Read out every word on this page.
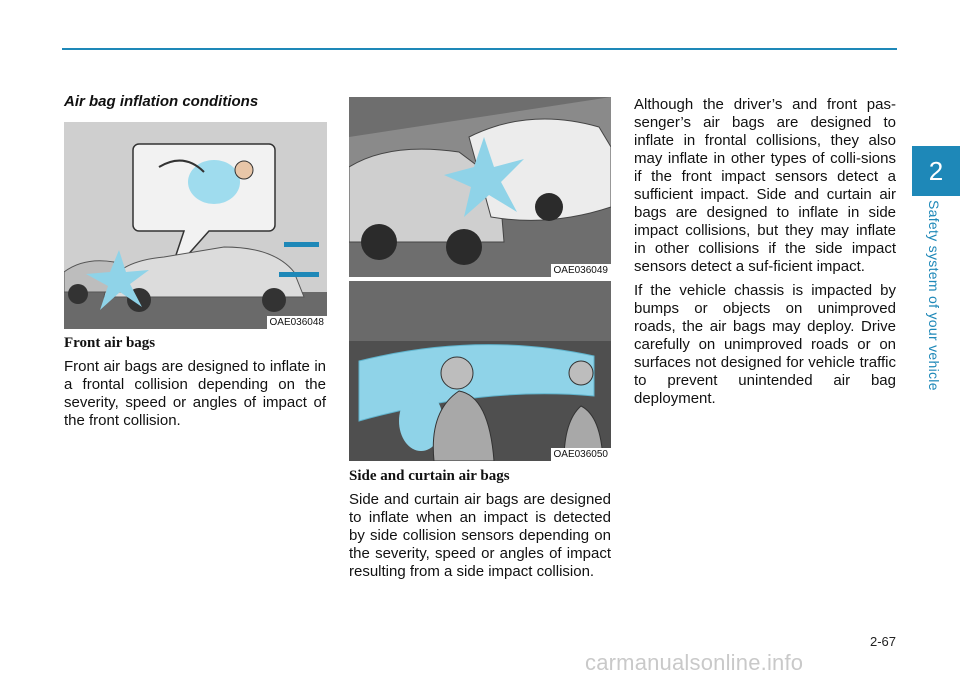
Air bag inflation conditions
OAE036048
Front air bags
Front air bags are designed to inflate in a frontal collision depending on the severity, speed or angles of impact of the front collision.
OAE036049
OAE036050
Side and curtain air bags
Side and curtain air bags are designed to inflate when an impact is detected by side collision sensors depending on the severity, speed or angles of impact resulting from a side impact collision.

Although the driver’s and front pas-senger’s air bags are designed to inflate in frontal collisions, they also may inflate in other types of colli-sions if the front impact sensors detect a sufficient impact. Side and curtain air bags are designed to inflate in side impact collisions, but they may inflate in other collisions if the side impact sensors detect a suf-ficient impact.

If the vehicle chassis is impacted by bumps or objects on unimproved roads, the air bags may deploy. Drive carefully on unimproved roads or on surfaces not designed for vehicle traffic to prevent unintended air bag deployment.

2
Safety system of your vehicle
2-67
carmanualsonline.info
